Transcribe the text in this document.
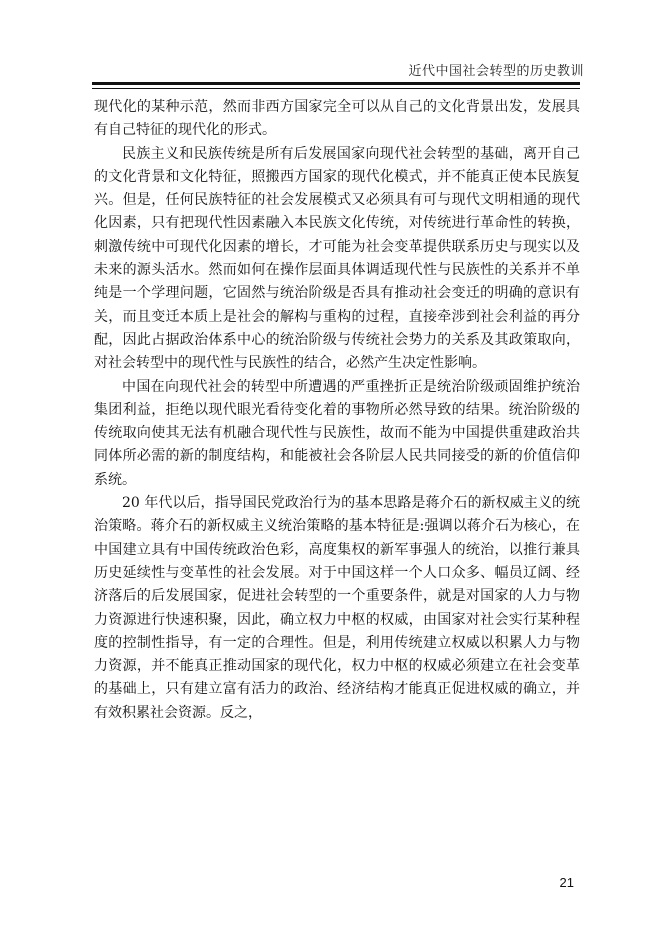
近代中国社会转型的历史教训

现代化的某种示范，然而非西方国家完全可以从自己的文化背景出发，发展具有自己特征的现代化的形式。

民族主义和民族传统是所有后发展国家向现代社会转型的基础，离开自己的文化背景和文化特征，照搬西方国家的现代化模式，并不能真正使本民族复兴。但是，任何民族特征的社会发展模式又必须具有可与现代文明相通的现代化因素，只有把现代性因素融入本民族文化传统，对传统进行革命性的转换，刺激传统中可现代化因素的增长，才可能为社会变革提供联系历史与现实以及未来的源头活水。然而如何在操作层面具体调适现代性与民族性的关系并不单纯是一个学理问题，它固然与统治阶级是否具有推动社会变迁的明确的意识有关，而且变迁本质上是社会的解构与重构的过程，直接牵涉到社会利益的再分配，因此占据政治体系中心的统治阶级与传统社会势力的关系及其政策取向，对社会转型中的现代性与民族性的结合，必然产生决定性影响。

中国在向现代社会的转型中所遭遇的严重挫折正是统治阶级顽固维护统治集团利益，拒绝以现代眼光看待变化着的事物所必然导致的结果。统治阶级的传统取向使其无法有机融合现代性与民族性，故而不能为中国提供重建政治共同体所必需的新的制度结构，和能被社会各阶层人民共同接受的新的价值信仰系统。

20 年代以后，指导国民党政治行为的基本思路是蒋介石的新权威主义的统治策略。蒋介石的新权威主义统治策略的基本特征是:强调以蒋介石为核心，在中国建立具有中国传统政治色彩，高度集权的新军事强人的统治，以推行兼具历史延续性与变革性的社会发展。对于中国这样一个人口众多、幅员辽阔、经济落后的后发展国家，促进社会转型的一个重要条件，就是对国家的人力与物力资源进行快速积聚，因此，确立权力中枢的权威，由国家对社会实行某种程度的控制性指导，有一定的合理性。但是，利用传统建立权威以积累人力与物力资源，并不能真正推动国家的现代化，权力中枢的权威必须建立在社会变革的基础上，只有建立富有活力的政治、经济结构才能真正促进权威的确立，并有效积累社会资源。反之，

21
